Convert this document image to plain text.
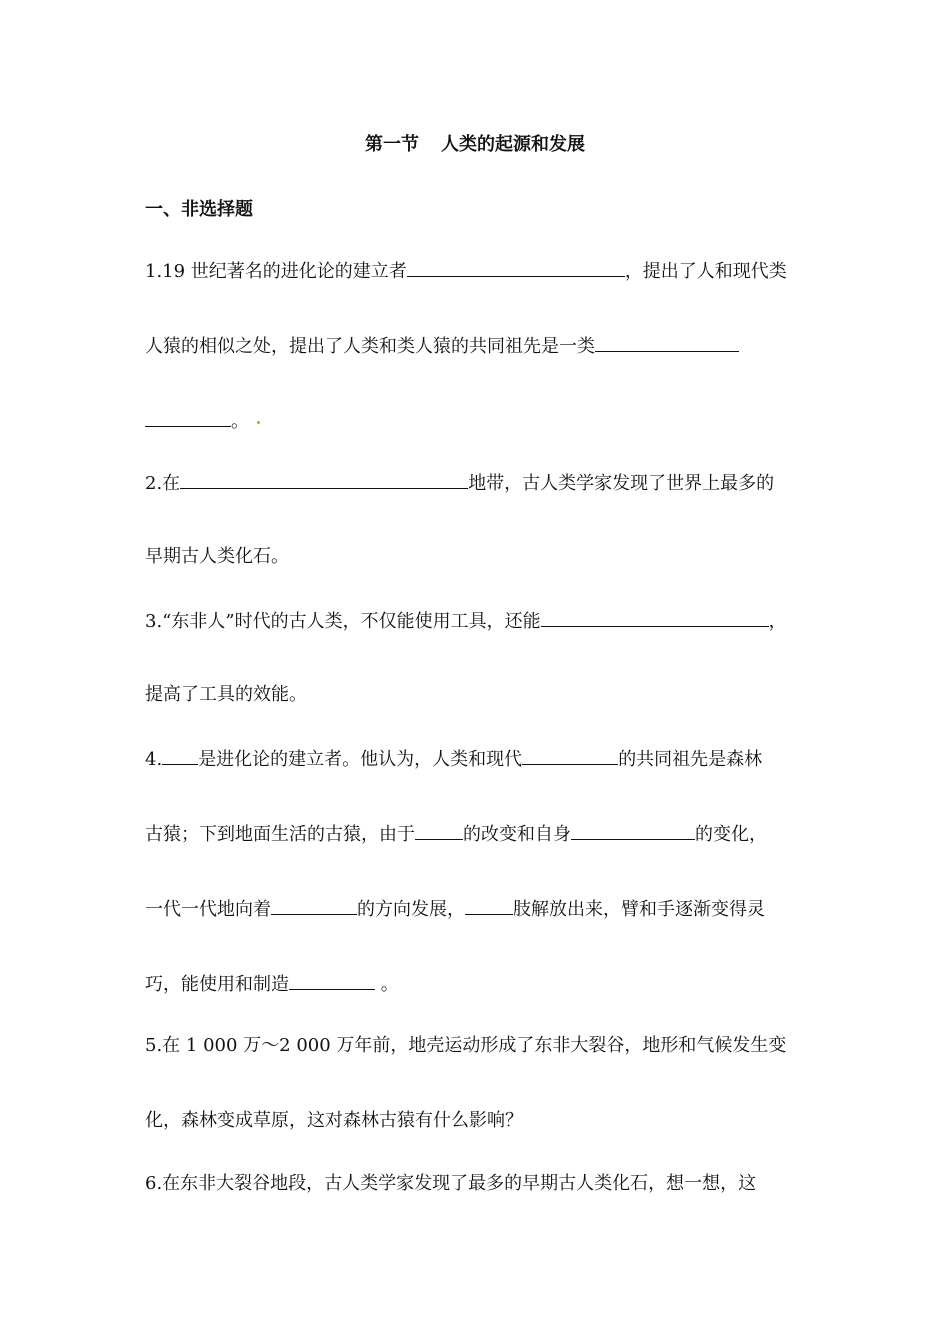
第一节 人类的起源和发展
一、非选择题
1.19 世纪著名的进化论的建立者	，提出了人和现代类
人猿的相似之处，提出了人类和类人猿的共同祖先是一类
。
2.在	地带，古人类学家发现了世界上最多的
早期古人类化石。
3.“东非人”时代的古人类，不仅能使用工具，还能	，
提高了工具的效能。
4. 是进化论的建立者。他认为，人类和现代	的共同祖先是森林
古猿；下到地面生活的古猿，由于	的改变和自身	的变化，
一代一代地向着	的方向发展，	肢解放出来，臂和手逐渐变得灵
巧，能使用和制造	。
5.在 1 000 万～2 000 万年前，地壳运动形成了东非大裂谷，地形和气候发生变
化，森林变成草原，这对森林古猿有什么影响？
6.在东非大裂谷地段，古人类学家发现了最多的早期古人类化石，想一想，这
